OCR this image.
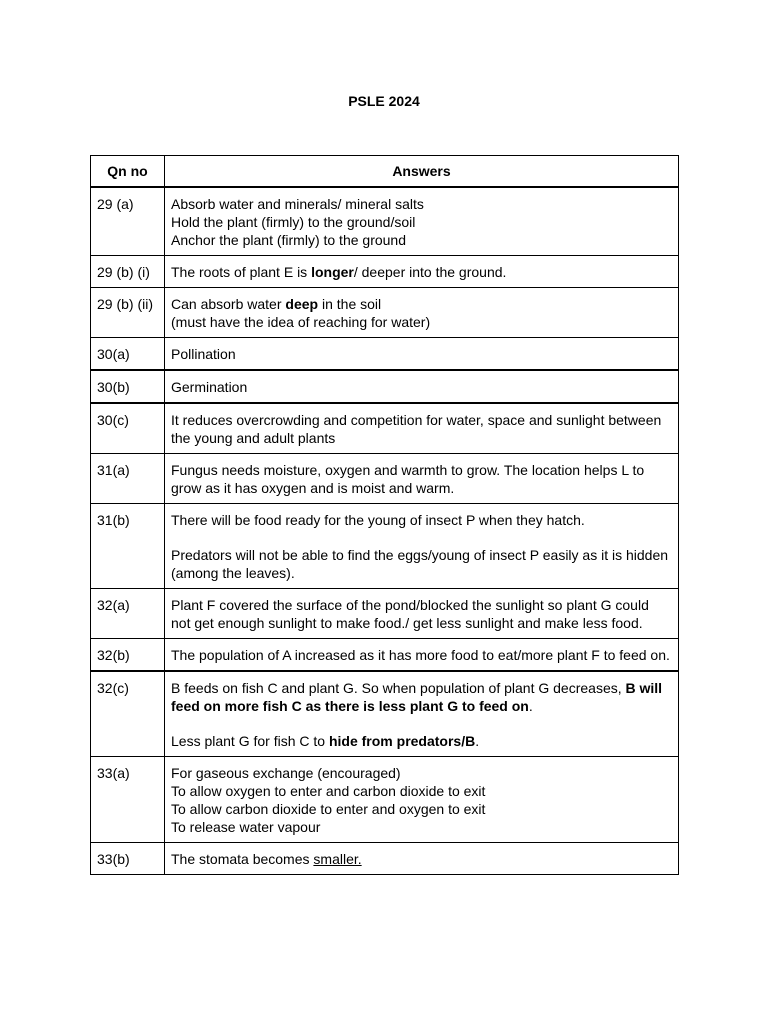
PSLE 2024
Qn no	Answers
29 (a)	Absorb water and minerals/ mineral salts
Hold the plant (firmly) to the ground/soil
Anchor the plant (firmly) to the ground

29 (b) (i)	The roots of plant E is longer/ deeper into the ground.
29 (b) (ii)	Can absorb water deep in the soil
(must have the idea of reaching for water)

30(a)	Pollination
30(b)	Germination
30(c)	It reduces overcrowding and competition for water, space and sunlight between the young and adult plants
31(a)	Fungus needs moisture, oxygen and warmth to grow. The location helps L to grow as it has oxygen and is moist and warm.
31(b)	There will be food ready for the young of insect P when they hatch.
Predators will not be able to find the eggs/young of insect P easily as it is hidden (among the leaves).

32(a)	Plant F covered the surface of the pond/blocked the sunlight so plant G could not get enough sunlight to make food./ get less sunlight and make less food.
32(b)	The population of A increased as it has more food to eat/more plant F to feed on.
32(c)	B feeds on fish C and plant G. So when population of plant G decreases, B will feed on more fish C as there is less plant G to feed on.
Less plant G for fish C to hide from predators/B.

33(a)	For gaseous exchange (encouraged)
To allow oxygen to enter and carbon dioxide to exit
To allow carbon dioxide to enter and oxygen to exit
To release water vapour

33(b)	The stomata becomes smaller.
